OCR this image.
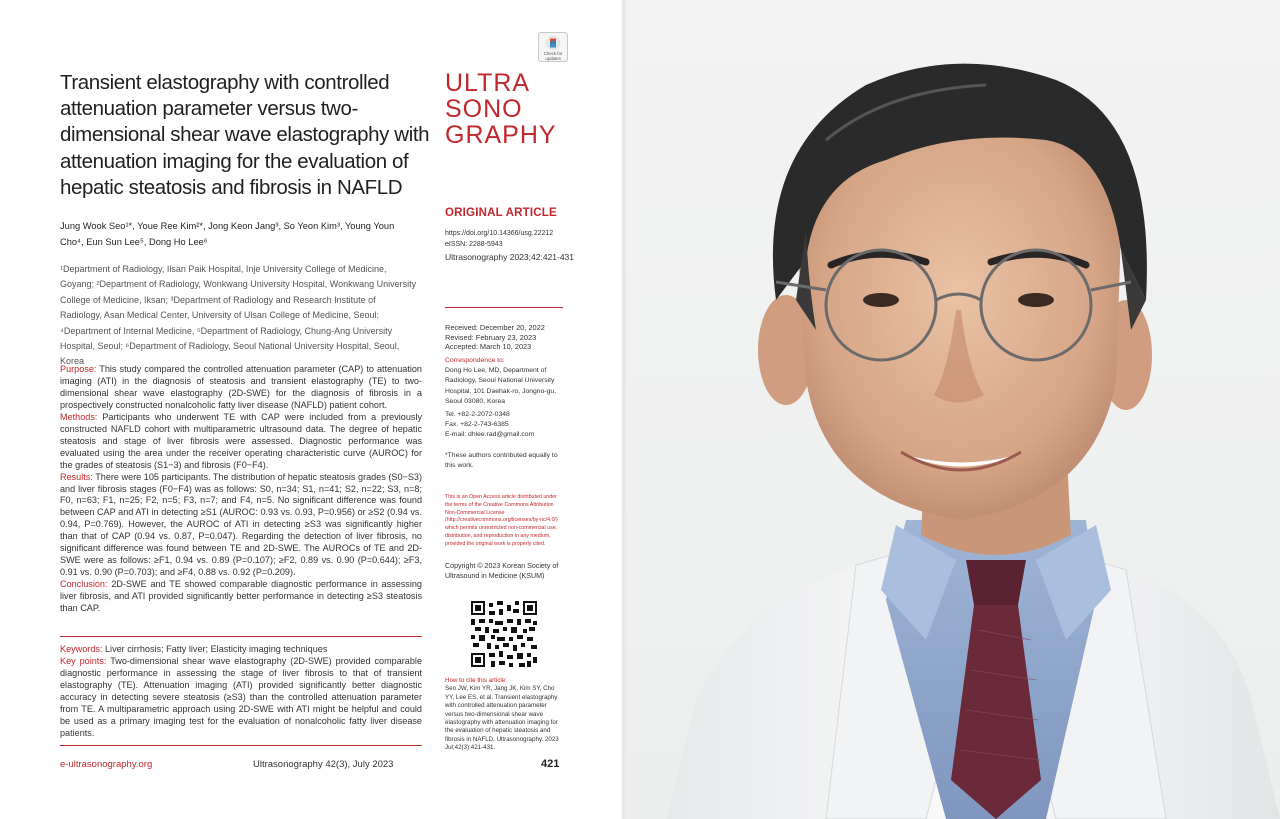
Check for updates
Transient elastography with controlled attenuation parameter versus two-dimensional shear wave elastography with attenuation imaging for the evaluation of hepatic steatosis and fibrosis in NAFLD
ULTRA
SONO
GRAPHY
ORIGINAL ARTICLE
https://doi.org/10.14366/usg.22212
eISSN: 2288-5943
Ultrasonography 2023;42:421-431
Jung Wook Seo¹*, Youe Ree Kim²*, Jong Keon Jang³, So Yeon Kim³, Young Youn Cho⁴, Eun Sun Lee⁵, Dong Ho Lee⁶
¹Department of Radiology, Ilsan Paik Hospital, Inje University College of Medicine, Goyang; ²Department of Radiology, Wonkwang University Hospital, Wonkwang University College of Medicine, Iksan; ³Department of Radiology and Research Institute of Radiology, Asan Medical Center, University of Ulsan College of Medicine, Seoul; ⁴Department of Internal Medicine, ⁵Department of Radiology, Chung-Ang University Hospital, Seoul; ⁶Department of Radiology, Seoul National University Hospital, Seoul, Korea
Received: December 20, 2022
Revised: February 23, 2023
Accepted: March 10, 2023
Correspondence to:
Dong Ho Lee, MD, Department of Radiology, Seoul National University Hospital, 101 Daehak-ro, Jongno-gu, Seoul 03080, Korea
Tel. +82-2-2072-0348
Fax. +82-2-743-6385
E-mail: dhlee.rad@gmail.com
*These authors contributed equally to this work.
This is an Open Access article distributed under the terms of the Creative Commons Attribution Non-Commercial License (http://creativecommons.org/licenses/by-nc/4.0/) which permits unrestricted non-commercial use, distribution, and reproduction in any medium, provided the original work is properly cited.
Copyright © 2023 Korean Society of Ultrasound in Medicine (KSUM)
How to cite this article:
Seo JW, Kim YR, Jang JK, Kim SY, Cho YY, Lee ES, et al. Transient elastography with controlled attenuation parameter versus two-dimensional shear wave elastography with attenuation imaging for the evaluation of hepatic steatosis and fibrosis in NAFLD. Ultrasonography. 2023 Jul;42(3):421-431.

Purpose: This study compared the controlled attenuation parameter (CAP) to attenuation imaging (ATI) in the diagnosis of steatosis and transient elastography (TE) to two-dimensional shear wave elastography (2D-SWE) for the diagnosis of fibrosis in a prospectively constructed nonalcoholic fatty liver disease (NAFLD) patient cohort.

Methods: Participants who underwent TE with CAP were included from a previously constructed NAFLD cohort with multiparametric ultrasound data. The degree of hepatic steatosis and stage of liver fibrosis were assessed. Diagnostic performance was evaluated using the area under the receiver operating characteristic curve (AUROC) for the grades of steatosis (S1−3) and fibrosis (F0−F4).

Results: There were 105 participants. The distribution of hepatic steatosis grades (S0−S3) and liver fibrosis stages (F0−F4) was as follows: S0, n=34; S1, n=41; S2, n=22; S3, n=8; F0, n=63; F1, n=25; F2, n=5; F3, n=7; and F4, n=5. No significant difference was found between CAP and ATI in detecting ≥S1 (AUROC: 0.93 vs. 0.93, P=0.956) or ≥S2 (0.94 vs. 0.94, P=0.769). However, the AUROC of ATI in detecting ≥S3 was significantly higher than that of CAP (0.94 vs. 0.87, P=0.047). Regarding the detection of liver fibrosis, no significant difference was found between TE and 2D-SWE. The AUROCs of TE and 2D-SWE were as follows: ≥F1, 0.94 vs. 0.89 (P=0.107); ≥F2, 0.89 vs. 0.90 (P=0.644); ≥F3, 0.91 vs. 0.90 (P=0.703); and ≥F4, 0.88 vs. 0.92 (P=0.209).

Conclusion: 2D-SWE and TE showed comparable diagnostic performance in assessing liver fibrosis, and ATI provided significantly better performance in detecting ≥S3 steatosis than CAP.

Keywords: Liver cirrhosis; Fatty liver; Elasticity imaging techniques

Key points: Two-dimensional shear wave elastography (2D-SWE) provided comparable diagnostic performance in assessing the stage of liver fibrosis to that of transient elastography (TE). Attenuation imaging (ATI) provided significantly better diagnostic accuracy in detecting severe steatosis (≥S3) than the controlled attenuation parameter from TE. A multiparametric approach using 2D-SWE with ATI might be helpful and could be used as a primary imaging test for the evaluation of nonalcoholic fatty liver disease patients.

e-ultrasonography.org	Ultrasonography 42(3), July 2023	421
